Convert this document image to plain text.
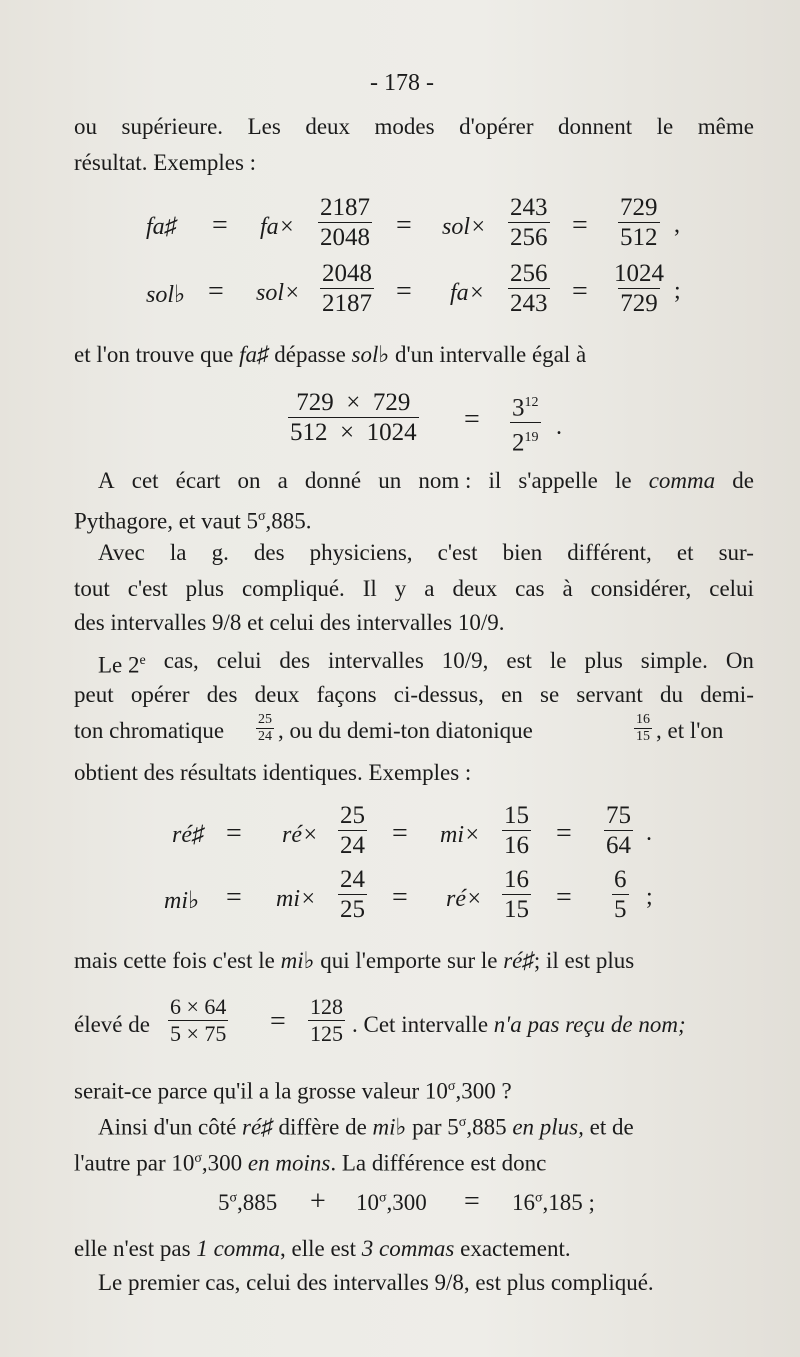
- 178 -
ou supérieure. Les deux modes d'opérer donnent le même
résultat. Exemples :
fa♯ = $fa\times \frac{2187}{2048} = sol\times \frac{243}{256} = \frac{729}{512}$ ,
sol♭ = $sol\times \frac{2048}{2187} = fa\times \frac{256}{243} = \frac{1024}{729}$ ;
et l'on trouve que fa♯ dépasse sol♭ d'un intervalle égal à
$\frac{729 \times 729}{512 \times 1024} = \frac{3^{12}}{2^{19}}$ .
A cet écart on a donné un nom : il s'appelle le comma de
Pythagore, et vaut $5^\sigma,885$.
Avec la g. des physiciens, c'est bien différent, et sur-
tout c'est plus compliqué. Il y a deux cas à considérer, celui
des intervalles 9/8 et celui des intervalles 10/9.
Le 2e cas, celui des intervalles 10/9, est le plus simple. On
peut opérer des deux façons ci-dessus, en se servant du demi-
ton chromatique $\frac{25}{24}$ , ou du demi-ton diatonique	$\frac{16}{15}$ , et l'on
obtient des résultats identiques. Exemples :
ré♯ = ré× $\frac{25}{24} = mi\times \frac{15}{16} = \frac{75}{64}$ .
mi♭ = $mi\times \frac{24}{25}$ = ré× $\frac{16}{15} = \frac{6}{5}$ ;
mais cette fois c'est le mi♭ qui l'emporte sur le ré♯; il est plus
élevé de $\frac{6 \times 64}{5 \times 75} = \frac{128}{125}$ . Cet intervalle n'a pas reçu de nom;
serait-ce parce qu'il a la grosse valeur $10^\sigma,300$ ?
Ainsi d'un côté ré♯ diffère de mi♭ par $5^\sigma,885$ en plus, et de
l'autre par $10^\sigma,300$ en moins. La différence est donc
$5^\sigma,885 + 10^\sigma,300 = 16^\sigma,185$ ;
elle n'est pas 1 comma, elle est 3 commas exactement.
Le premier cas, celui des intervalles 9/8, est plus compliqué.
